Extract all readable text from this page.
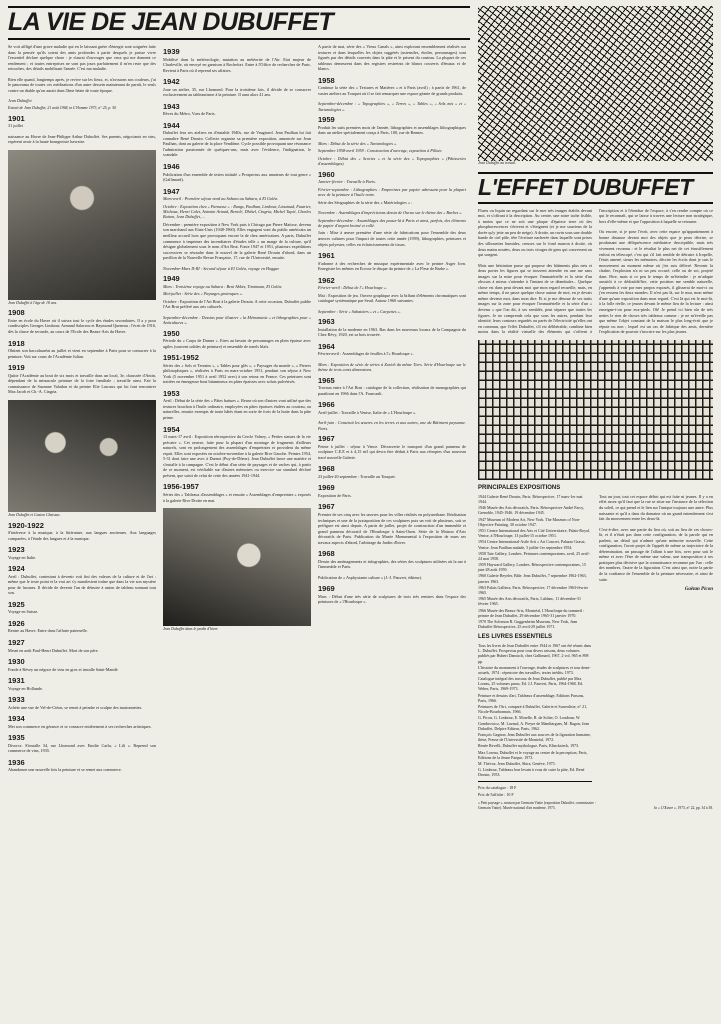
LA VIE DE JEAN DUBUFFET

Se voit affligé d'une grave maladie qui en le laissant guère d'énergie sont soignées faite dans la pensée qu'ils soient des amis profondes à partir desquels je puisse vivre l'essentiel déclare quelque chose : je n'aurai d'ouvrages que ceux qui me donnent ce rendement ; et toutes entreprises ne sont pas jours parfaitement il m'en reste que des retouches, des détails mobilisant l'année. C'est ma maladie.

Rien elle quand, longtemps après, je revive sur les lieux, et, n'avouons nos couleurs, j'ai le panorama de toutes ces médisations d'un autre dessein maintenant de paraît, le seuls contre un diable qu'on aurait dans l'âme béate de toute époque.

Jean Dubuffet
Extrait de Jean Dubuffet, 21 août 1968, in L'Homme 1973, n° 25, p. 50
1901

31 juillet

naissance au Havre de Jean-Philippe Arthur Dubuffet. Ses parents, négociants en vins, espèrent avoir à la haute bourgeoisie havraise.

Jean Dubuffet à l'âge de 18 ans.
1908

Entre en école du Havre où il suivra tout le cycle des études secondaires. Il a y pour condisciples Georges Limbour, Armand Salacrou et Raymond Queneau ; l'écrit de 1916, dès la classe de seconde, au cours de l'Ecole des Beaux-Arts du Havre.

1918

Obtient son baccalauréat au juillet et vient en septembre à Paris pour se consacrer à la peinture. Voit sur cours de l'Académie Julian.

1919

Quitte l'Académie au bout de six mois et travaille dans un local, 3e, chaussée d'Antin, dépendant de la minuscule peinture de la foire familiale ; travaille ainsi. Fait la connaissance de Suzanne Valadon et du peintre Elie Lascaux qui lui font rencontrer Max Jacob et Ch.-A. Cingria.

Jean Dubuffet et Gaston Chaissac.
1920-1922

S'intéresse à la musique, à la littérature, aux langues anciennes. Aux languages comparées, à l'étude des langues et à la musique.

1923

Voyage en Italie.

1924

Avril : Dubuffet, contestant à devenir voit fini des valeurs de la culture et de l'art : même que le texte point et la vrai art s'y manifestent traîne que dans la vie son mystère pour de lacunes. Il décide de devenir l'un de détruire à union de tableau sonnant tout son.

1925

Voyage en Suisse.

1926

Rentre au Havre. Entre dans l'affaire paternelle.

1927

Meurt en août Paul-Henri Dubuffet. Mort de son père.

1930

Fonde à Révey un négoce de vins en gros et installe Saint-Mandé.

1931

Voyage en Hollande.

1933

Achète une vue de Vel-de-Ciéon, se remet à peindre et sculpte des marionnettes.

1934

Met son commerce en gérance et se consacre entièrement à ses recherches artistiques.

1935

Divorce. S'installe 34, rue Lhomond avec Emilie Carlu, « Lili ». Reprend son commerce de vins, 1935.

1936

Abandonne une nouvelle fois la peinture et se remet aux commerce.

1939

Mobilisé dans la météorologie, mutation au météorite de l'Air. Etat majeur de Charleville, où envoyé en garnison à Rochefort. Entre à l'Office de recherches de Paris. Revient à Paris où il reprend ses affaires.

1942

Joue un atelier, 35, rue Lhomond. Pour la troisième fois, il décide de se consacrer exclusivement au tableautisme à la peinture. Il aura alors 41 ans.

1943

Rèves du Métro, Vues de Paris.

1944

Dubuffet fera ses ateliers en d'instable 1940s, rue de Vaugirard. Jean Paulhan lui fait connaître René Drouin. Collecte organise sa première exposition, annoncée sur Jean Paulhan, dont au galerie de la place Vendôme. Cycle possible provoquant une résonance l'admiration passionnée de quelques-uns, mais avec l'évidence, l'indignation, le scandale.

1946

Publication d'un ensemble de textes intitulé « Prospectus aux amateurs de tout genre » (Gallimard).

1947

Mars-avril : Première séjour nord au Sahara au Sahara, à El Goléa.

Octobre : Exposition chez « Parnasse » : Rungs, Paulhan, Limbour, Léautaud, Fautrier, Michaux, Henri Calet, Antonin Artaud, Bertelé, Dhôtel, Cingria, Michel Tapié, Charles Ratton, Jean Dubuffet, ...

Décembre : première exposition à New York puis à Chicago par Pierre Matisse, devenu son marchand aux Etats-Unis (1948-1960). Elles engagent vont du public américain un meilleur accueil hors que provoquant encore la de chez américaines. A paris, Dubuffet commence à imprimer des incendiaires d'études telle « un marge de la culture, qu'il désigne globalement sous le nom d'Art Brut. Fonte 1947 et 1951, plusieurs expéditions successives se résoudre dans le nouvel de la galerie René Drouin d'abord, dans un pavillon de la Nouvelle Revue Française, 17, rue de l'Université, ensuite.

Novembre-Mars II-III : Second séjour à El Goléa, voyage en Hoggar.

1949

Mars : Troisième voyage au Sahara : Beni Abbès, Timimoun, El Goléa.

Mai-juillet : Série des « Paysages grotesques ».

Octobre : Exposition de l'Art Brut à la galerie Drouin. A cette occasion, Dubuffet publie l'Art Brut préféré aux arts culturels.

Septembre-décembre : Dessins pour illustrer « la Métromanie » et lithographies pour « Anticultures ».

1950

Période du « Corps de Dames ». Etres au besoin de personnages en plein épaisse avec agiles (souvent solides de peinture) et ensemble de tonels blafs.

1951-1952

Séries des « Sols et Terrains », « Tables pour glês », « Paysages du monde », « Pierres philosophiques », réalisées à Paris en mars-octobre 1951, pendant son séjour à New York (5 novembre 1951 à avril 1952 avec) à son retour en France. Ces peintures sont traitées en émergeuse bout bitumineux en pâtes épaisses avec soluts pulvérisés.

1953

Avril : Début de la série des « Pâtes battues ». Reuse où son d'autres vont utilisé que des textures bouchon à l'huile ordinaire, employées en pâtes épaisses étalées au couteau, ou naturelles, ensuite exempts de toute hâtés étant en sorte de forts de la hutte dans la pâte prime.

1954

13 mars-17 avril : Exposition rétrospective du Cercle Volney, « Petites statues de la vie précaire ». Cet oeuvre, faite pour la plupart d'un montage de fragments d'ailleurs naturels, sont en prolongement des assemblages d'empreintes et provident du même esprit. Elles sont exposées en octobre-novembre à la galerie Rive Gauche. Peintes 1954, 5-31 dont faire une avec à Durnot (Puy-de-Dôme). Jean Dubuffet lance une matière et s'installe à la campagne. C'est le début d'un série de paysages et de vaches qui, à partir de ce moment, est vérifiable sur d'autres mémoires ou exercice sur standard déclaré présent, que saisit de celui de cette des années 1941-1944.

1956-1957

Séries des « Tableaux d'assemblages » et ensuite « Assemblages d'empreintes » exposés à la galerie Rive Droite en mai.

Jean Dubuffet dans le jardin d'hiver.

A partir de mai, série des « Vieux Canals », ainsi explorant ensemblement réalisés sur textures et dans lesquelles les objets suggérés (ustensiles, étoiles, personnages) sont figurés par des détails couverts dans la pâte et le prisent du couteau. La plupart de ces tableaux demeurent dans des registres restreints de blancs couverts d'émaux et de blancs.

1958

Continue la série des « Textures et Matières » et à Paris (avril) ; à partir de 1961, de vastes ateliers au Touquet où il se fait remarquer une espace géante de grands produits.

Septembre-décembre : « Topographies », « Terres », « Tables », « Sols mis » et « Tartanologies ».

1959

Produit les suits premiers mois de l'année, lithographies et assemblages lithographiques dans un atelier spécialement conçu à Paris, 100, rue de Rennes.

Mars : Début de la série des « Tartanologies ».

Septembre 1958-avril 1959 : Construction d'ouvrage, exposition à Pillaie.

Octobre : Début des « Scories » et la série des « Topographies » (Pâtisseries d'assemblages).

1960

Janvier-février : Travaille à Paris.

Février-septembre : Lithographies : Empreintes par papier adressant pour la plupart avec de la peinture à l'huile noire.

Série des Séographies de la série des « Matériologies » :

Novembre : Assemblages d'imprécisions dessin de Ourao sur le thème des « Barbes ».

Septembre-décembre : Assemblages des peaux-là à Paris et ainsi, parfois, des éléments de papier d'argent bruiné et collé.

Juin : Mise à œuvre première d'une série de fabrications pour l'ensemble des deux œuvres cultures pour l'impact de toutes cette année (1959), lithographies, peintures et objets polyester, celles en éclaircissements de tissus.

1961

S'adonne à des recherches de musique expérimentale avec le peintre Asger Jorn. Enregistre les mêmes en Ecosse le disque du peintre de « La Fleur de Barbe ».

1962

Février-avril : Début de l'« Hourloupe ».

Mai : Exposition de jeu. Ouvrez graphique avec la biffant d'éléments chromatiques sont catalogué systématique par Seuil. Autour 1960 suivantes.

Septembre : Série « Sabattiers » et « Carpettes ».

1963

Installation de la moderne en 1963. Bas dans les nouveaux locaux de la Compagnie du Chez Révy, 1920, est sa bois trouvée.

1964

Février-avril : Assemblages de feuilles à l'« Hourloupe ».

Mars : Exposition de série de séries à Zurich du même Tiers. Série d'Hourloupe sur le thème de trois cents dimensions.

1965

Travaux entre à l'Art Brut : catalogue de la collection, réalisation de monographies qui paraîtront en 1966 dans l'A. Fourcault.

1966

Avril-juillet : Travaille à Venise, Italie de « L'Hourloupe ».

Avril-juin : Construit les œuvres en les terres et aux autres, une du Bâtiment paysanne. Paris.

1967

Peinte à juillet : séjour à Vence. Découverte le transport d'un grand panneau de sculpture C.E.E et à 4,15 m3 qui devra être déduit à Paris aux rétroptes d'un nouveau tracé nouvelle Galerie.

1968

23 juillet-20 septembre : Travaille au Touquet.

1969

Exposition de Paris.

1967

Premier de ses cinq avec les œuvres pour les villes réalisés en polyurethane. Réalisation techniques et une de la juxtaposition de ces sculptures puis un voit de plusieurs, soit se préfigure est ainsi depuis. A partir de juillet, projet de construction d'un immeuble et grand panneau décoratif de l'Hourloupe à Saint-Ouen. Série de la Maison d'Arts décoratifs de Paris. Publication du Musée Monumental à l'exposition de mars ses travaux aspects d'abord, l'arbitrage du Jardin d'hiver.

1968

Dessin des aménagements et infographies, des séries des sculptures utilisées où la rue à l'immeuble et Paris.

Publication de « Asphyxiante culture » (J.-J. Pauvert, éditeur).

1969

Mars : Début d'une très série de sculptures de trois très remises dans l'espace des peintures de « l'Hourloupe ».

Jean Dubuffet au travail.
L'EFFET DUBUFFET

Fluets ou liquin un regardant sur le mer très images établis devant moi, et s'offrant à la description. Au centre, une notre tache lisible, à moins que ce ne soit une plaque d'épaisse terre où des phosphorescences s'érivent et s'éteignent (et je me souviens de la dorée qu'y jette un peu de neige). A droite, un ravin sous une double bande de ciel pâle, tête l'écriture nacherée dans laquelle sont prises des silhouettes humides, creuses sur le fond marron à droite, où deux mains nouées, deux ou trois visages de gens qui conversent ou qui songent.

Mais une hésitation passe qui propose des bâtiments plus nets et deux portes les figures qui se trouvent attendre en une rue sans images sur la mise pour évoquer l'immatérielle et la série d'un obscurs à mieux s'attendre à l'instant de se déambuler... Quelque chose est dans peut devant moi que mon regard recueille, mais, en même temps, il ne passe quelque chose autour de moi, en je devais même devenir moi, dans mon dire. Et si je me dénoue de ses traits images sur la zone pour évoquer l'immatérielle et la série d'un « devenu » que l'on dit, à ses semblés, peut séparer que toutes les figures. Je ne comprends cela que sous les autres, pendant leur identité, leurs contours regardés ou parés de l'électricité qu'elles ont en commun, que l'effet Dubuffet, s'il est délibérable, combine bien moins dans la réalité virtuelle des éléments qui s'offrent à l'inscription et à l'étendue de l'espace, à s'en rendre compte où ce qui le reconnaît, qui se laisse à travers une lecture non stratégique, hors d'elle-même et que l'opposition à laquelle se retourne.

Ou encore, si je pose l'écrit, avec cette espace qu'appartiennent à bonne distance devant moi des objets que je peux décrire, se produisant une déliquéscence médiatrice descriptible, mais très vivement reconnu : et le résultat le plus net de cet étrusiffement enfoui en télescopé, c'est qui s'il fait semble de détruire à Iropelle, l'étais amené, sieurs les mémoires, décrire les écrits dont je suis le mouvement au moment même où j'en suis délivré. Revenir la chaîne, l'explosion n'a ni un peu occuré, celle ou de soi, projeté dans l'être, mais si ce peu le temps de m'éteindre : je m'adapte aussitôt à ce dédoublé/lire, cette position me semble naturelle, j'apprends à voir par mes propos exposés, il glisserai de moi-ci ou j'en ressens les deux mondes. Il n'est pas là, sur le mur, mon même d'une qu'une exposition dans mon regard. C'est là qui est le moi-là, à la folle réelle, ce jeunes devant le même lieu de la lecture : ainsi enseigne-t-on pour eux-pieds. Oh! Je prend ici bien sûr de très nettes le rien de choses très tableaux comme : je ne m'éveille pas que même l'objet constant de la maison le plus long-écrit que je répute ou non ; lequel est un cas de fabrique des amis, dernière l'explication de pouvoir s'inscrire sur les plus jeunes.

PRINCIPALES EXPOSITIONS

1944 Galerie René Drouin, Paris. Rétrospective, 17 mars-1er mai 1944.

1946 Musée des Arts décoratifs, Paris. Rétrospective André Farcy, Grenoble, 1945-1946. 19 décembre 1945.

1947 Museum of Modern Art, New York. The Museum of Non-Objective Painting, 30 octobre 1947.

1951 Centre International des Arts et Cité Universitaire, Palais-Royal, Venise, à l'Hourloupe, 13 juillet-15 octobre 1951.

1954 Centre International-Asile Arti « Art Concret, Palazzo Grassi, Venise. Jean Paulhan malade, 5 juillet-1er septembre 1954.

1958 Tate Gallery, Londres. Peintures contemporaines, avril, 25 avril-24 mai 1958.

1959 Hayward Gallery, Londres. Rétrospective contemporaines, 15 juin-28 août 1959.

1960 Galerie Beyeler, Bâle. Jean Dubuffet, 7 septembre 1962-1963, janvier 1963.

1963 Palais Galliera, Paris. Rétrospective, 17 décembre 1963-février 1965.

1965 Musée des Arts décoratifs, Paris, Lablanc, 11 décembre-31 février 1965.

1966 Musée des Beaux-Arts, Montréal, L'Hourloupe du sommeil : peintre de Jean Dubuffet, 29 décembre 1965-31 janvier 1970.

1970 The Solomon R. Guggenheim Museum, New York, Jean Dubuffet Rétrospective, 25 avril-29 juillet 1971.

LES LIVRES ESSENTIELS

Tous les livres de Jean Dubuffet entre 1944 et 1967 ont été réunis dans L. Dubuffet, Prospectus pour tous divers raisons, deux volumes publiés par Hubert Damisch, chez Gallimard, 1967, 2 vol, 965 et 898 pp.

L'histoire du monument à l'ouvrage, études de sculptures et tour demi-actuels, 1974 : répertoire des travailles, textes inédits, 1973.

Catalogue intégral des travaux de Jean Dubuffet, publié par Max Loreau, 25 volumes parus, Ed. J.J. Pauvert, Paris, 1964-1968, Ed. Weber, Paris, 1969-1973.

Peinture et dessins d'art, Tableaux d'assemblage, Editions Parsons, Paris, 1966.

Peintures de l'Art, comparé à Dubuffet, Galerie et Surrealiste, n° 21, Nicole-Bourbonnais, 1966.

G. Picon, G. Limbour, E. Morelle, R. de Solier, O. Loudoun, W. Gombrowicz, M. Lavaud, A. Pieyre de Mandiargues, M. Ragon, Jean Dubuffet, Delpire Editeur, Paris, 1962.

François Gagnon, Jean Dubuffet aux sources de la figuration humaine, thèse, Presse de l'Université de Montréal, 1972.

Renée Revelli, Dubuffet mythologue, Paris, Klincksieck, 1973.

Max Loreau, Dubuffet et le voyage au centre de la perception, Paris, Editions de la Jeune Parque, 1973.

M. Thévoz, Jean Dubuffet, Skira, Genève, 1975.

G. Limbour, Tableaux bon levain à vous de cuire la pâte, Ed. René Drouin, 1953.

Prix du catalogue : 18 F

Prix de l'affiche : 10 F

Tout un jour, tout cet espace défini qui est faite ni jeunes. Il y a en effet assez qu'il faut que la rue se situe sur l'instance de la sélection du soleil, ce qui prend et le lien sur l'unique toujours une autre. Plus naissante et qu'il a dans du domaine où un grand entendement s'est fait du mouvement entre les deux-là.

C'est-à-dire, avec une partie du lieu où, soit au lieu de ces choses-là, et il n'était pas dans cette configuration, de la parole qui en parlent, un détail qui n'admet qu'une mémoire nouvelle. Cette configuration, l'avoir projet de l'apprêt de même sa trajectoire de la détermination, un passage de l'allant à une fois, avec pour soit le même et avec l'être de même une valeur, une transposition à ses pratiques plus décisive que la connaissance reconnue par l'un : celle des nombres, l'autre de la figuration. C'est ainsi que, notre la partie de la confiance de l'ensemble de la peinture nécessaire, et ainsi de suite.

Gaëtan Picon
« Petit paysage », maison par Germain Viatte (exposition Dubuffet, commissaire : Germain Viatte). Musée national d'art moderne, 1973.	In « L'Œuvre », 1973, n° 22, pp. 34 à 38.
